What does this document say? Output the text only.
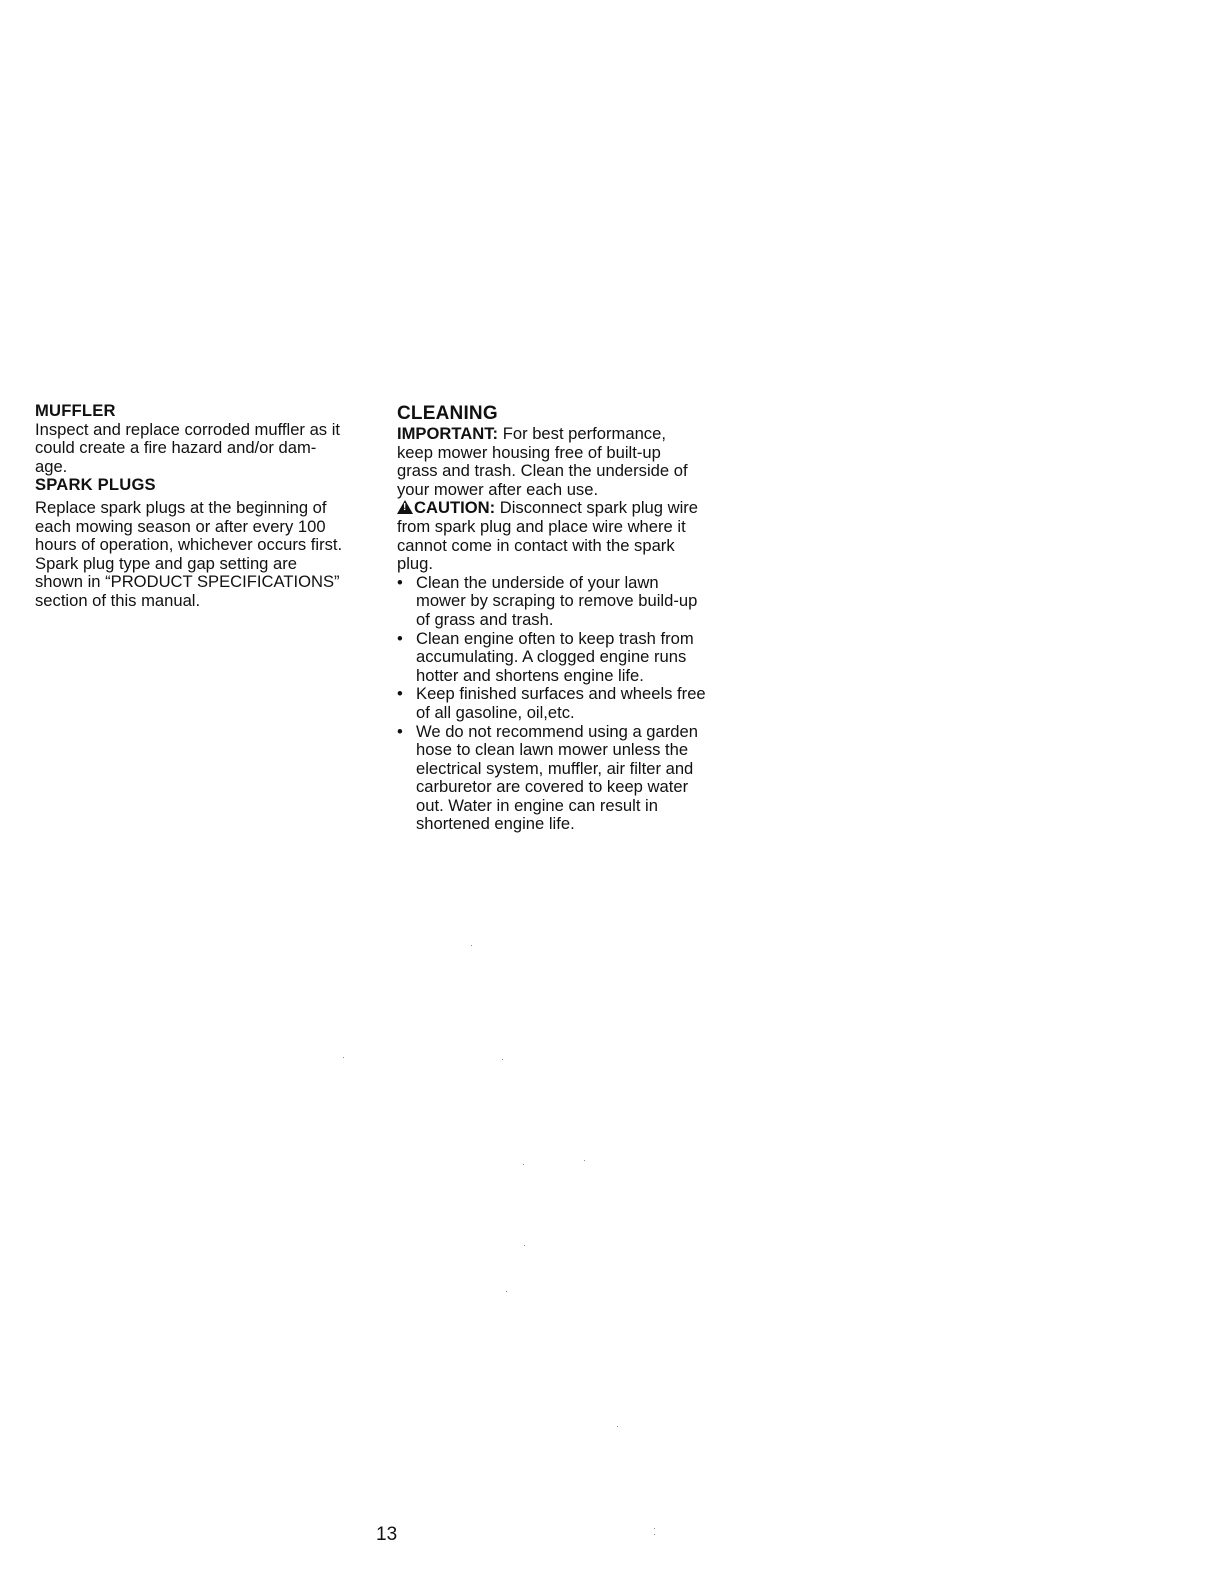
MUFFLER

Inspect and replace corroded muffler as it
could create a fire hazard and/or dam-
age.

SPARK PLUGS

Replace spark plugs at the beginning of
each mowing season or after every 100
hours of operation, whichever occurs first.
Spark plug type and gap setting are
shown in “PRODUCT SPECIFICATIONS”
section of this manual.

CLEANING

IMPORTANT: For best performance,
keep mower housing free of built-up
grass and trash. Clean the underside of
your mower after each use.

!CAUTION: Disconnect spark plug wire
from spark plug and place wire where it
cannot come in contact with the spark
plug.

• Clean the underside of your lawn
mower by scraping to remove build-up
of grass and trash.
• Clean engine often to keep trash from
accumulating. A clogged engine runs
hotter and shortens engine life.
• Keep finished surfaces and wheels free
of all gasoline, oil,etc.
• We do not recommend using a garden
hose to clean lawn mower unless the
electrical system, muffler, air filter and
carburetor are covered to keep water
out. Water in engine can result in
shortened engine life.
13
